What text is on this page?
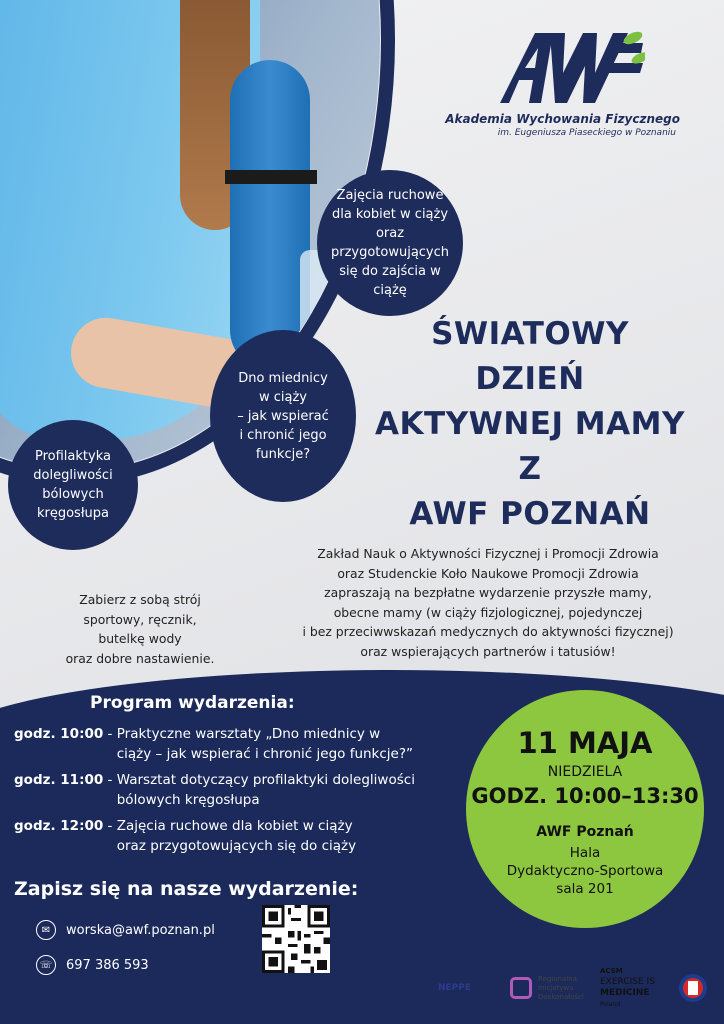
Zajęcia ruchowe
dla kobiet w ciąży
oraz
przygotowujących
się do zajścia w
ciążę
Dno miednicy
w ciąży
– jak wspierać
i chronić jego
funkcje?
Profilaktyka
dolegliwości
bólowych
kręgosłupa
Akademia Wychowania Fizycznego
im. Eugeniusza Piaseckiego w Poznaniu
ŚWIATOWY
DZIEŃ
AKTYWNEJ MAMY
Z
AWF POZNAŃ
Zakład Nauk o Aktywności Fizycznej i Promocji Zdrowia
oraz Studenckie Koło Naukowe Promocji Zdrowia
zapraszają na bezpłatne wydarzenie przyszłe mamy,
obecne mamy (w ciąży fizjologicznej, pojedynczej
i bez przeciwwskazań medycznych do aktywności fizycznej)
oraz wspierających partnerów i tatusiów!
Zabierz z sobą strój
sportowy, ręcznik,
butelkę wody
oraz dobre nastawienie.
Program wydarzenia:
godz. 10:00 - Praktyczne warsztaty „Dno miednicy w
ciąży – jak wspierać i chronić jego funkcje?”
godz. 11:00 - Warsztat dotyczący profilaktyki dolegliwości
bólowych kręgosłupa
godz. 12:00 - Zajęcia ruchowe dla kobiet w ciąży
oraz przygotowujących się do ciąży
11 MAJA
NIEDZIELA
GODZ. 10:00–13:30
AWF Poznań
Hala
Dydaktyczno-Sportowa
sala 201
Zapisz się na nasze wydarzenie:
✉	worska@awf.poznan.pl
☏ 697 386 593
NEPPE
Regionalna
Inicjatywa
Doskonałości
ACSM
EXERCISE IS
MEDICINE
Poland
